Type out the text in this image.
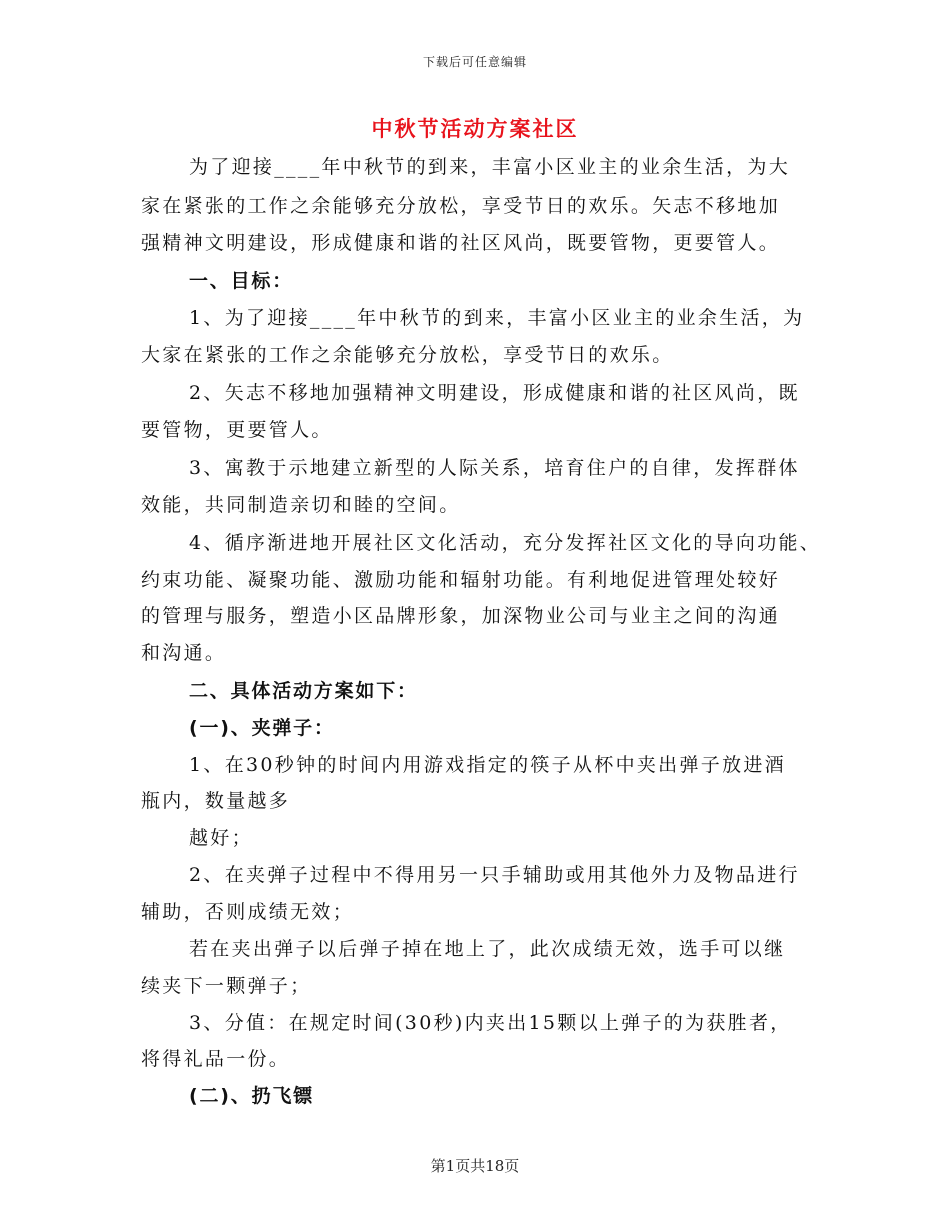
下载后可任意编辑
中秋节活动方案社区
为了迎接____年中秋节的到来，丰富小区业主的业余生活，为大
家在紧张的工作之余能够充分放松，享受节日的欢乐。矢志不移地加
强精神文明建设，形成健康和谐的社区风尚，既要管物，更要管人。
一、目标：
1、为了迎接____年中秋节的到来，丰富小区业主的业余生活，为
大家在紧张的工作之余能够充分放松，享受节日的欢乐。
2、矢志不移地加强精神文明建设，形成健康和谐的社区风尚，既
要管物，更要管人。
3、寓教于示地建立新型的人际关系，培育住户的自律，发挥群体
效能，共同制造亲切和睦的空间。
4、循序渐进地开展社区文化活动，充分发挥社区文化的导向功能、
约束功能、凝聚功能、激励功能和辐射功能。有利地促进管理处较好
的管理与服务，塑造小区品牌形象，加深物业公司与业主之间的沟通
和沟通。
二、具体活动方案如下：
(一)、夹弹子：
1、在30秒钟的时间内用游戏指定的筷子从杯中夹出弹子放进酒
瓶内，数量越多
越好；
2、在夹弹子过程中不得用另一只手辅助或用其他外力及物品进行
辅助，否则成绩无效；
若在夹出弹子以后弹子掉在地上了，此次成绩无效，选手可以继
续夹下一颗弹子；
3、分值：在规定时间(30秒)内夹出15颗以上弹子的为获胜者，
将得礼品一份。
(二)、扔飞镖
第1页共18页
